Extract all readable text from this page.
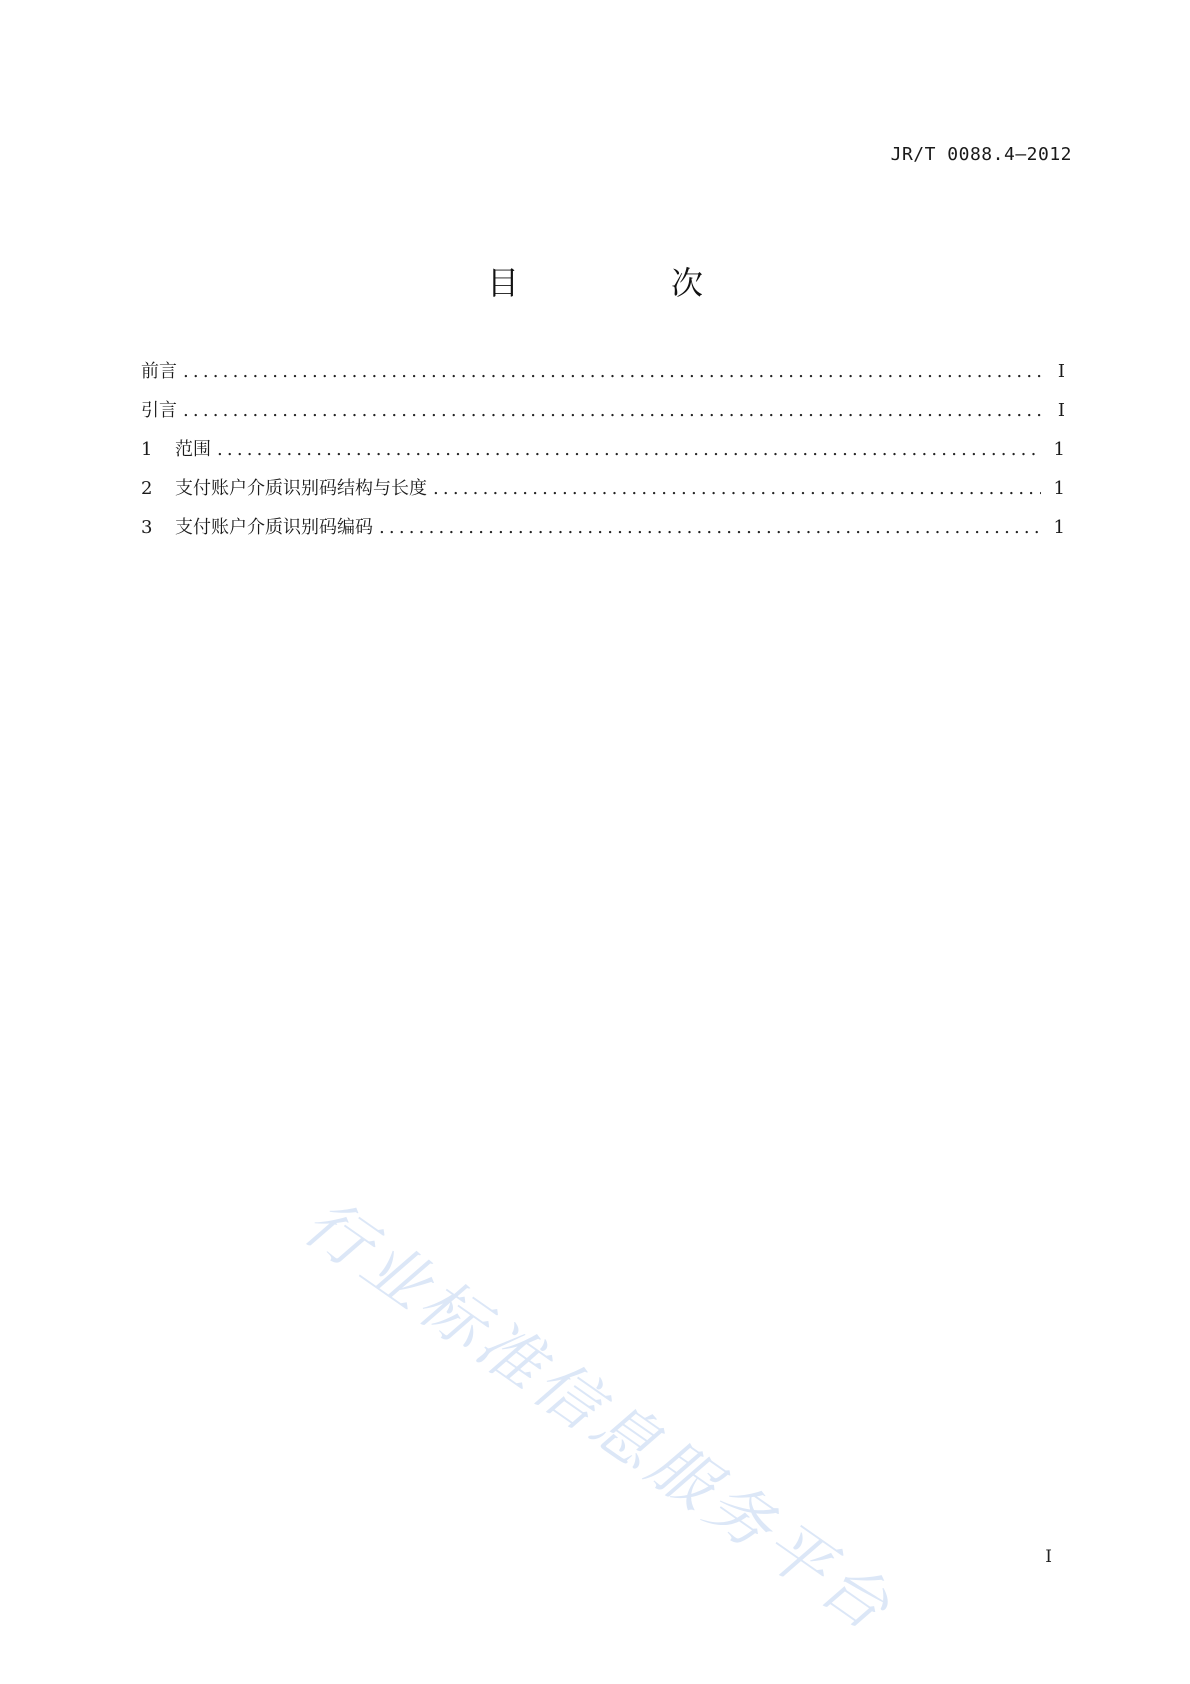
JR/T 0088.4—2012
目　次
前言 .....	I
引言 .....	I
1	范围 .....	1
2	支付账户介质识别码结构与长度 .....	1
3	支付账户介质识别码编码 .....	1
行业标准信息服务平台	I
